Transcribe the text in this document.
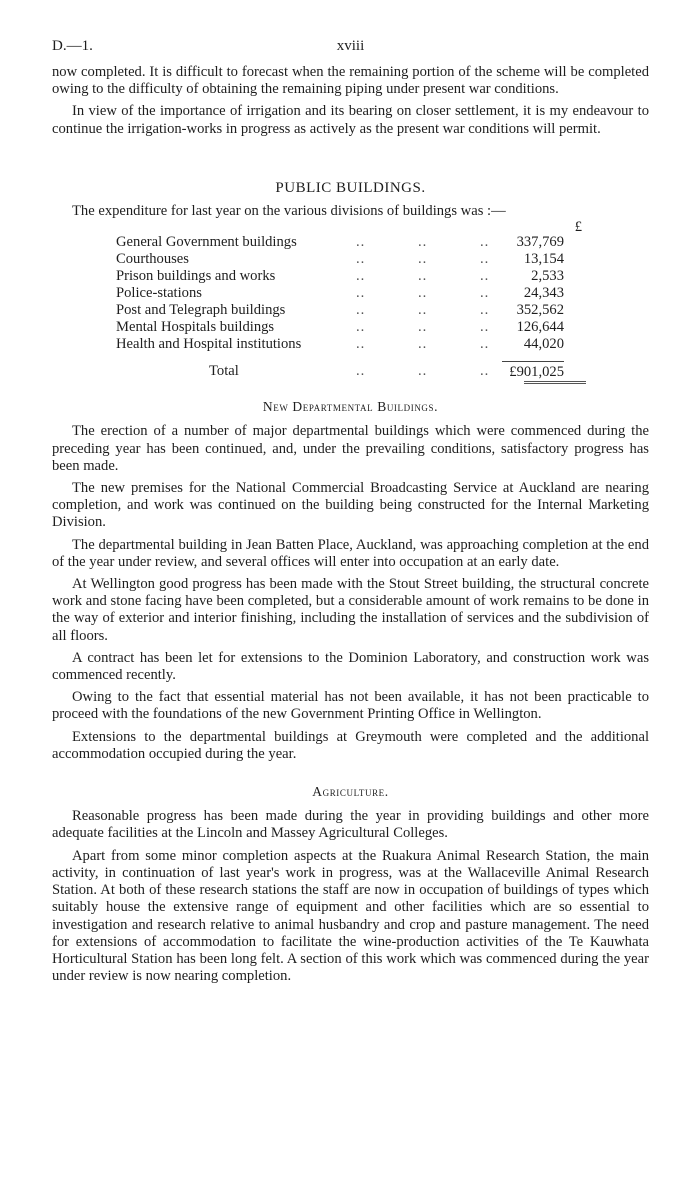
D.—1.	xviii

now completed. It is difficult to forecast when the remaining portion of the scheme will be completed owing to the difficulty of obtaining the remaining piping under present war conditions.

In view of the importance of irrigation and its bearing on closer settlement, it is my endeavour to continue the irrigation-works in progress as actively as the present war conditions will permit.

PUBLIC BUILDINGS.

The expenditure for last year on the various divisions of buildings was :—

£
General Government buildings	..	..	..	337,769
Courthouses	..	..	..	13,154
Prison buildings and works	..	..	..	2,533
Police-stations	..	..	..	24,343
Post and Telegraph buildings	..	..	..	352,562
Mental Hospitals buildings	..	..	..	126,644
Health and Hospital institutions	..	..	..	44,020
Total	..	..	..	£901,025
New Departmental Buildings.

The erection of a number of major departmental buildings which were commenced during the preceding year has been continued, and, under the prevailing conditions, satisfactory progress has been made.

The new premises for the National Commercial Broadcasting Service at Auckland are nearing completion, and work was continued on the building being constructed for the Internal Marketing Division.

The departmental building in Jean Batten Place, Auckland, was approaching completion at the end of the year under review, and several offices will enter into occupation at an early date.

At Wellington good progress has been made with the Stout Street building, the structural concrete work and stone facing have been completed, but a considerable amount of work remains to be done in the way of exterior and interior finishing, including the installation of services and the subdivision of all floors.

A contract has been let for extensions to the Dominion Laboratory, and construction work was commenced recently.

Owing to the fact that essential material has not been available, it has not been practicable to proceed with the foundations of the new Government Printing Office in Wellington.

Extensions to the departmental buildings at Greymouth were completed and the additional accommodation occupied during the year.

Agriculture.

Reasonable progress has been made during the year in providing buildings and other more adequate facilities at the Lincoln and Massey Agricultural Colleges.

Apart from some minor completion aspects at the Ruakura Animal Research Station, the main activity, in continuation of last year's work in progress, was at the Wallaceville Animal Research Station. At both of these research stations the staff are now in occupation of buildings of types which suitably house the extensive range of equipment and other facilities which are so essential to investigation and research relative to animal husbandry and crop and pasture management. The need for extensions of accommodation to facilitate the wine-production activities of the Te Kauwhata Horticultural Station has been long felt. A section of this work which was commenced during the year under review is now nearing completion.
